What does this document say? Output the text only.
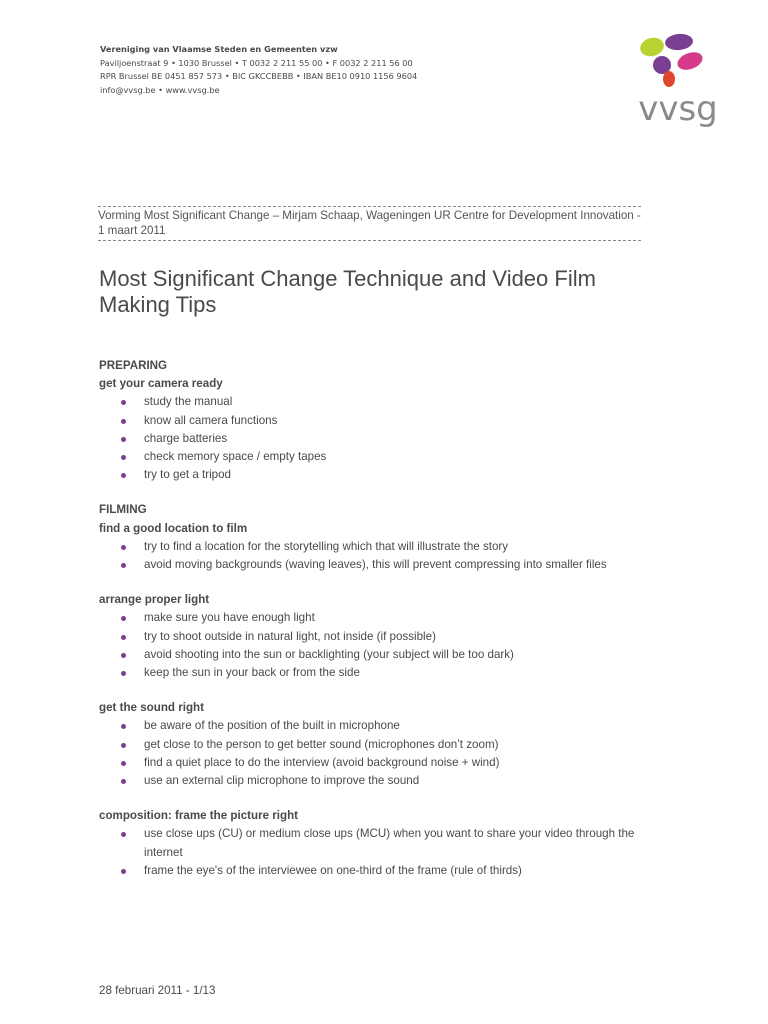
Vereniging van Vlaamse Steden en Gemeenten vzw
Paviljoenstraat 9 • 1030 Brussel • T 0032 2 211 55 00 • F 0032 2 211 56 00
RPR Brussel BE 0451 857 573 • BIC GKCCBEBB • IBAN BE10 0910 1156 9604
info@vvsg.be • www.vvsg.be	vvsg
Vorming Most Significant Change – Mirjam Schaap, Wageningen UR Centre for Development Innovation - 1 maart 2011
Most Significant Change Technique and Video Film Making Tips
PREPARING
get your camera ready
study the manual
know all camera functions
charge batteries
check memory space / empty tapes
try to get a tripod
FILMING
find a good location to film
try to find a location for the storytelling which that will illustrate the story
avoid moving backgrounds (waving leaves), this will prevent compressing into smaller files
arrange proper light
make sure you have enough light
try to shoot outside in natural light, not inside (if possible)
avoid shooting into the sun or backlighting (your subject will be too dark)
keep the sun in your back or from the side
get the sound right
be aware of the position of the built in microphone
get close to the person to get better sound (microphones don’t zoom)
find a quiet place to do the interview (avoid background noise + wind)
use an external clip microphone to improve the sound
composition: frame the picture right
use close ups (CU) or medium close ups (MCU) when you want to share your video through the internet
frame the eye's of the interviewee on one-third of the frame (rule of thirds)
28 februari 2011 - 1/13
